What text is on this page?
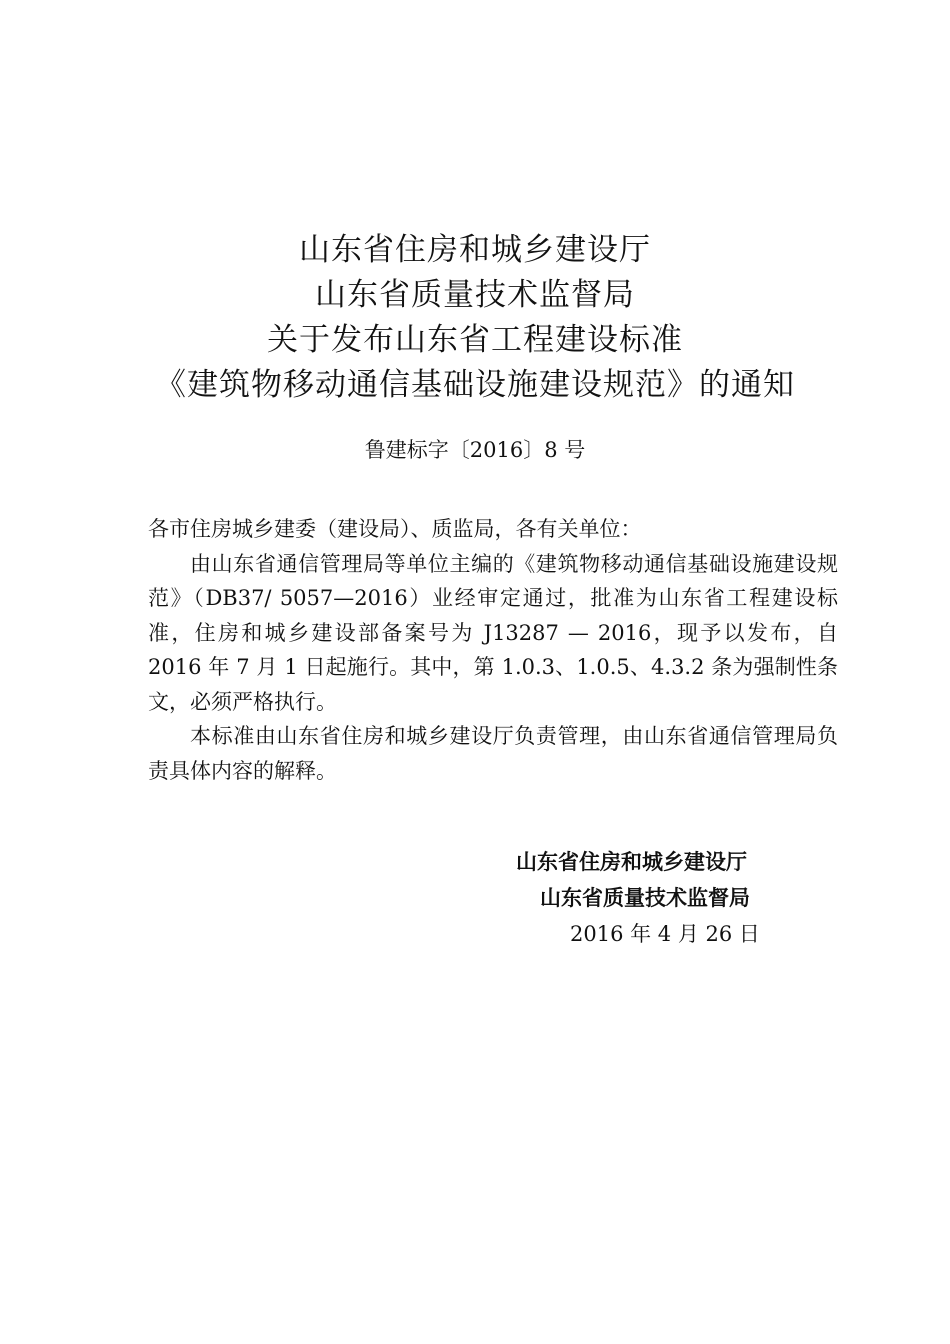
山东省住房和城乡建设厅
山东省质量技术监督局
关于发布山东省工程建设标准
《建筑物移动通信基础设施建设规范》的通知
鲁建标字〔2016〕8 号

各市住房城乡建委（建设局）、质监局，各有关单位：

由山东省通信管理局等单位主编的《建筑物移动通信基础设施建设规范》（DB37/ 5057—2016）业经审定通过，批准为山东省工程建设标准，住房和城乡建设部备案号为 J13287 — 2016，现予以发布，自 2016 年 7 月 1 日起施行。其中，第 1.0.3、1.0.5、4.3.2 条为强制性条文，必须严格执行。

本标准由山东省住房和城乡建设厅负责管理，由山东省通信管理局负责具体内容的解释。

山东省住房和城乡建设厅
山东省质量技术监督局
2016 年 4 月 26 日
